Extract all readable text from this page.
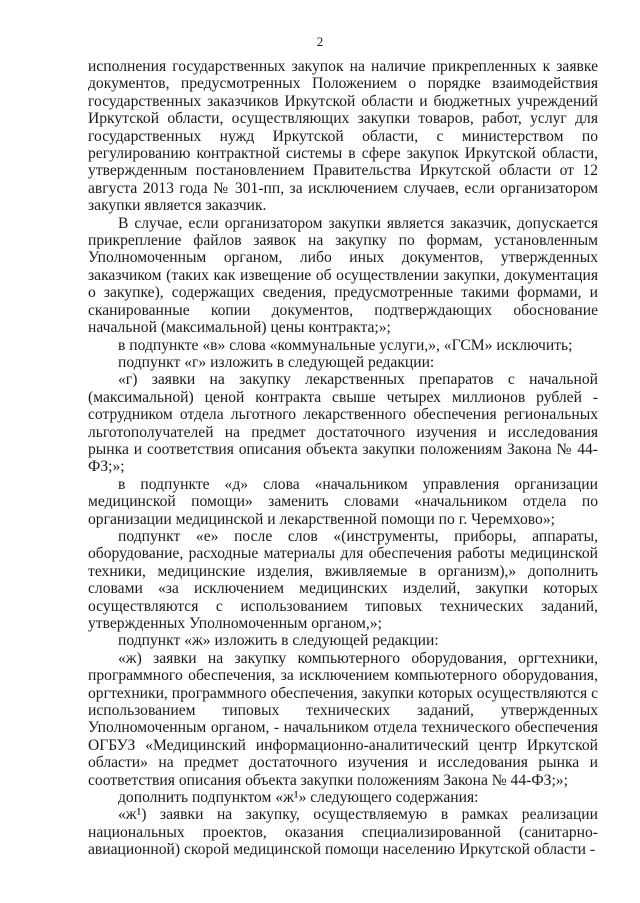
2

исполнения государственных закупок на наличие прикрепленных к заявке документов, предусмотренных Положением о порядке взаимодействия государственных заказчиков Иркутской области и бюджетных учреждений Иркутской области, осуществляющих закупки товаров, работ, услуг для государственных нужд Иркутской области, с министерством по регулированию контрактной системы в сфере закупок Иркутской области, утвержденным постановлением Правительства Иркутской области от 12 августа 2013 года № 301-пп, за исключением случаев, если организатором закупки является заказчик.

В случае, если организатором закупки является заказчик, допускается прикрепление файлов заявок на закупку по формам, установленным Уполномоченным органом, либо иных документов, утвержденных заказчиком (таких как извещение об осуществлении закупки, документация о закупке), содержащих сведения, предусмотренные такими формами, и сканированные копии документов, подтверждающих обоснование начальной (максимальной) цены контракта;»;

в подпункте «в» слова «коммунальные услуги,», «ГСМ» исключить;

подпункт «г» изложить в следующей редакции:

«г) заявки на закупку лекарственных препаратов с начальной (максимальной) ценой контракта свыше четырех миллионов рублей - сотрудником отдела льготного лекарственного обеспечения региональных льготополучателей на предмет достаточного изучения и исследования рынка и соответствия описания объекта закупки положениям Закона № 44-ФЗ;»;

в подпункте «д» слова «начальником управления организации медицинской помощи» заменить словами «начальником отдела по организации медицинской и лекарственной помощи по г. Черемхово»;

подпункт «е» после слов «(инструменты, приборы, аппараты, оборудование, расходные материалы для обеспечения работы медицинской техники, медицинские изделия, вживляемые в организм),» дополнить словами «за исключением медицинских изделий, закупки которых осуществляются с использованием типовых технических заданий, утвержденных Уполномоченным органом,»;

подпункт «ж» изложить в следующей редакции:

«ж) заявки на закупку компьютерного оборудования, оргтехники, программного обеспечения, за исключением компьютерного оборудования, оргтехники, программного обеспечения, закупки которых осуществляются с использованием типовых технических заданий, утвержденных Уполномоченным органом, - начальником отдела технического обеспечения ОГБУЗ «Медицинский информационно-аналитический центр Иркутской области» на предмет достаточного изучения и исследования рынка и соответствия описания объекта закупки положениям Закона № 44-ФЗ;»;

дополнить подпунктом «ж¹» следующего содержания:

«ж¹) заявки на закупку, осуществляемую в рамках реализации национальных проектов, оказания специализированной (санитарно-авиационной) скорой медицинской помощи населению Иркутской области -
